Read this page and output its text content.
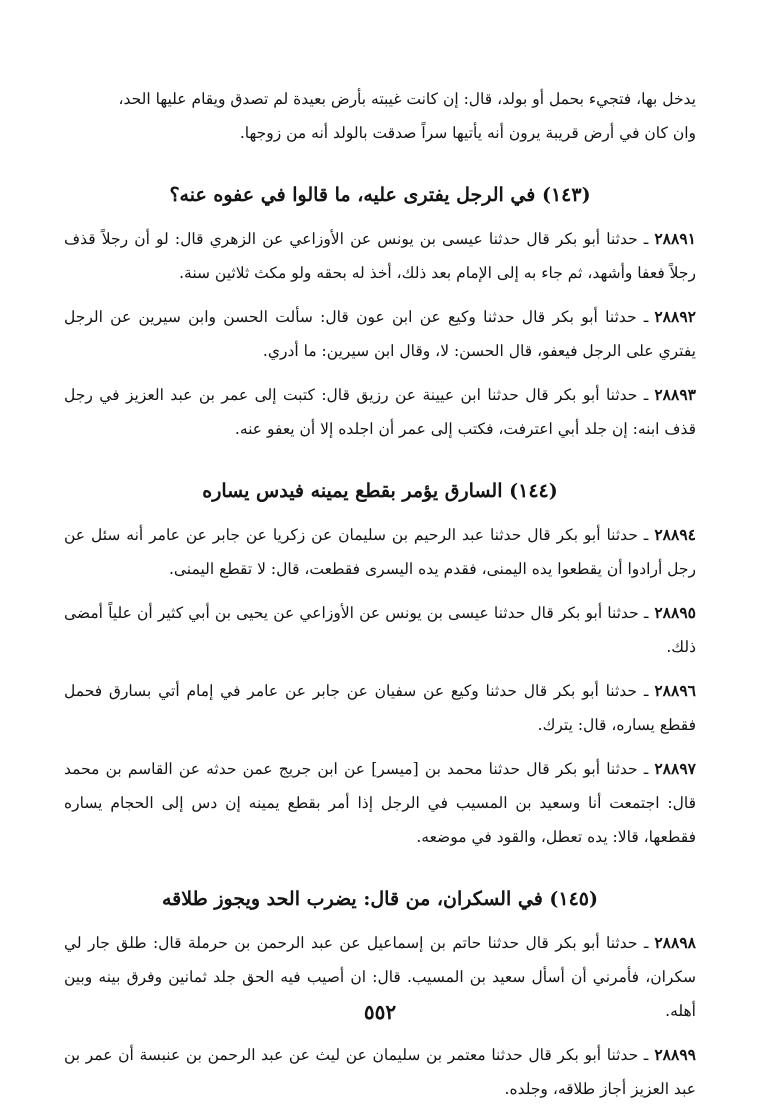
يدخل بها، فتجيء بحمل أو بولد، قال: إن كانت غيبته بأرض بعيدة لم تصدق ويقام عليها الحد،
وان كان في أرض قريبة يرون أنه يأتيها سراً صدقت بالولد أنه من زوجها.
(١٤٣) في الرجل يفترى عليه، ما قالوا في عفوه عنه؟
٢٨٨٩١ـ حدثنا أبو بكر قال حدثنا عيسى بن يونس عن الأوزاعي عن الزهري قال: لو أن رجلاً قذف رجلاً فعفا وأشهد، ثم جاء به إلى الإمام بعد ذلك، أخذ له بحقه ولو مكث ثلاثين سنة.
٢٨٨٩٢ـ حدثنا أبو بكر قال حدثنا وكيع عن ابن عون قال: سألت الحسن وابن سيرين عن الرجل يفتري على الرجل فيعفو، قال الحسن: لا، وقال ابن سيرين: ما أدري.
٢٨٨٩٣ـ حدثنا أبو بكر قال حدثنا ابن عيينة عن رزيق قال: كتبت إلى عمر بن عبد العزيز في رجل قذف ابنه: إن جلد أبي اعترفت، فكتب إلى عمر أن اجلده إلا أن يعفو عنه.
(١٤٤) السارق يؤمر بقطع يمينه فيدس يساره
٢٨٨٩٤ـ حدثنا أبو بكر قال حدثنا عبد الرحيم بن سليمان عن زكريا عن جابر عن عامر أنه سئل عن رجل أرادوا أن يقطعوا يده اليمنى، فقدم يده اليسرى فقطعت، قال: لا تقطع اليمنى.
٢٨٨٩٥ـ حدثنا أبو بكر قال حدثنا عيسى بن يونس عن الأوزاعي عن يحيى بن أبي كثير أن علياً أمضى ذلك.
٢٨٨٩٦ـ حدثنا أبو بكر قال حدثنا وكيع عن سفيان عن جابر عن عامر في إمام أتي بسارق فحمل فقطع يساره، قال: يترك.
٢٨٨٩٧ـ حدثنا أبو بكر قال حدثنا محمد بن [ميسر] عن ابن جريج عمن حدثه عن القاسم بن محمد قال: اجتمعت أنا وسعيد بن المسيب في الرجل إذا أمر بقطع يمينه إن دس إلى الحجام يساره فقطعها، قالا: يده تعطل، والقود في موضعه.
(١٤٥) في السكران، من قال: يضرب الحد ويجوز طلاقه
٢٨٨٩٨ـ حدثنا أبو بكر قال حدثنا حاتم بن إسماعيل عن عبد الرحمن بن حرملة قال: طلق جار لي سكران، فأمرني أن أسأل سعيد بن المسيب. قال: ان أصيب فيه الحق جلد ثمانين وفرق بينه وبين أهله.
٢٨٨٩٩ـ حدثنا أبو بكر قال حدثنا معتمر بن سليمان عن ليث عن عبد الرحمن بن عنبسة أن عمر بن عبد العزيز أجاز طلاقه، وجلده.
٥٥٢
